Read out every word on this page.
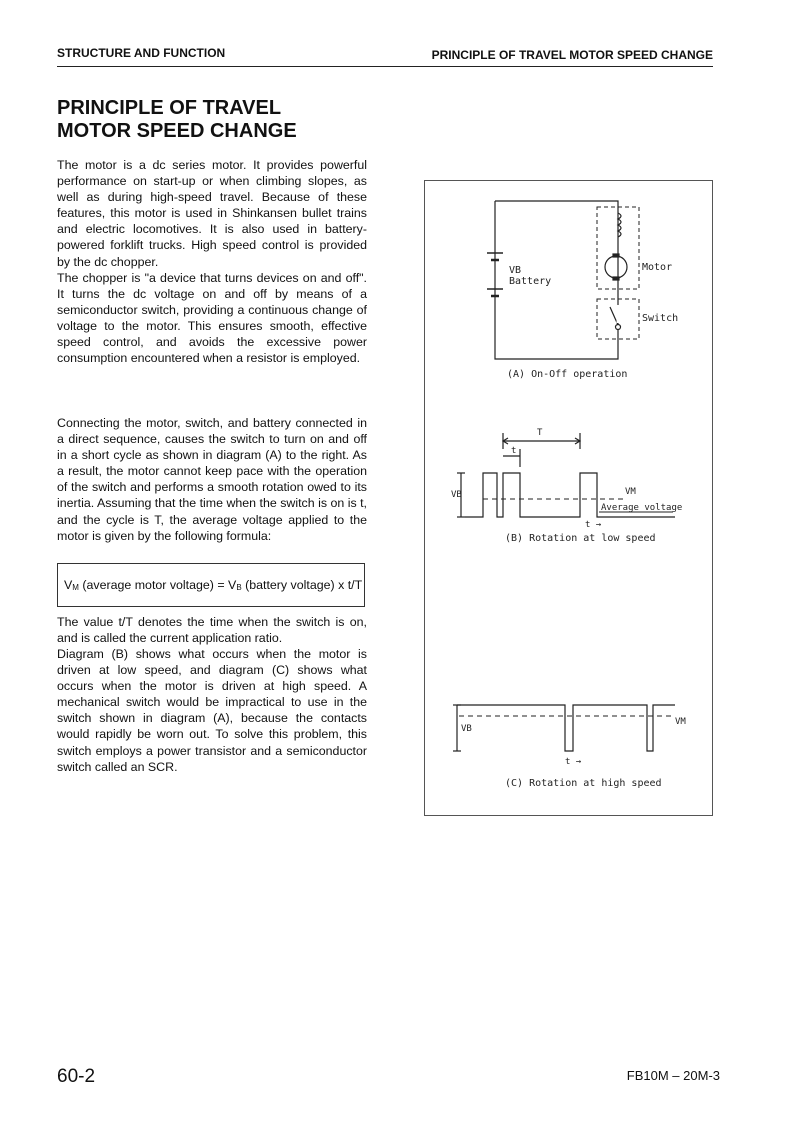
STRUCTURE AND FUNCTION	PRINCIPLE OF TRAVEL MOTOR SPEED CHANGE
PRINCIPLE OF TRAVEL
MOTOR SPEED CHANGE

The motor is a dc series motor. It provides powerful performance on start-up or when climbing slopes, as well as during high-speed travel. Because of these features, this motor is used in Shinkansen bullet trains and electric locomotives. It is also used in battery-powered forklift trucks. High speed control is provided by the dc chopper.

The chopper is "a device that turns devices on and off". It turns the dc voltage on and off by means of a semiconductor switch, providing a continuous change of voltage to the motor. This ensures smooth, effective speed control, and avoids the excessive power consumption encountered when a resistor is employed.

Connecting the motor, switch, and battery connected in a direct sequence, causes the switch to turn on and off in a short cycle as shown in diagram (A) to the right. As a result, the motor cannot keep pace with the operation of the switch and performs a smooth rotation owed to its inertia. Assuming that the time when the switch is on is t, and the cycle is T, the average voltage applied to the motor is given by the following formula:

$V_M$ (average motor voltage) = $V_B$ (battery voltage) x t/T

The value t/T denotes the time when the switch is on, and is called the current application ratio.

Diagram (B) shows what occurs when the motor is driven at low speed, and diagram (C) shows what occurs when the motor is driven at high speed. A mechanical switch would be impractical to use in the switch shown in diagram (A), because the contacts would rapidly be worn out. To solve this problem, this switch employs a power transistor and a semiconductor switch called an SCR.

VB
Battery
Motor
Switch
(A) On-Off operation
T
t
VB	VM
Average voltage
t →
(B) Rotation at low speed
VB
VM
t →
(C) Rotation at high speed
60-2	FB10M – 20M-3
